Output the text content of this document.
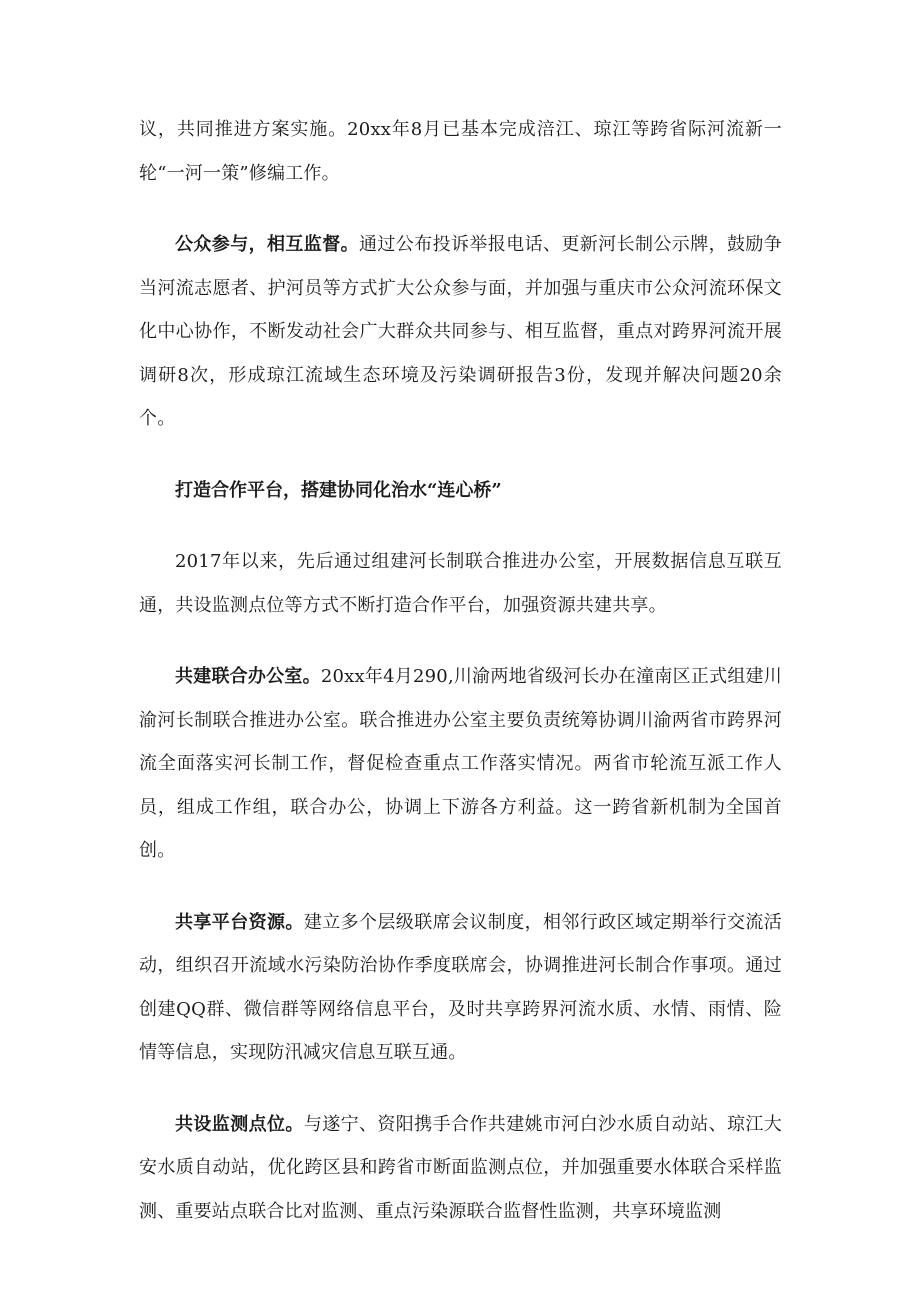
议，共同推进方案实施。20xx年8月已基本完成涪江、琼江等跨省际河流新一轮“一河一策”修编工作。

公众参与，相互监督。通过公布投诉举报电话、更新河长制公示牌，鼓励争当河流志愿者、护河员等方式扩大公众参与面，并加强与重庆市公众河流环保文化中心协作，不断发动社会广大群众共同参与、相互监督，重点对跨界河流开展调研8次，形成琼江流域生态环境及污染调研报告3份，发现并解决问题20余个。

打造合作平台，搭建协同化治水“连心桥”

2017年以来，先后通过组建河长制联合推进办公室，开展数据信息互联互通，共设监测点位等方式不断打造合作平台，加强资源共建共享。

共建联合办公室。20xx年4月290,川渝两地省级河长办在潼南区正式组建川渝河长制联合推进办公室。联合推进办公室主要负责统筹协调川渝两省市跨界河流全面落实河长制工作，督促检查重点工作落实情况。两省市轮流互派工作人员，组成工作组，联合办公，协调上下游各方利益。这一跨省新机制为全国首创。

共享平台资源。建立多个层级联席会议制度，相邻行政区域定期举行交流活动，组织召开流域水污染防治协作季度联席会，协调推进河长制合作事项。通过创建QQ群、微信群等网络信息平台，及时共享跨界河流水质、水情、雨情、险情等信息，实现防汛减灾信息互联互通。

共设监测点位。与遂宁、资阳携手合作共建姚市河白沙水质自动站、琼江大安水质自动站，优化跨区县和跨省市断面监测点位，并加强重要水体联合采样监测、重要站点联合比对监测、重点污染源联合监督性监测，共享环境监测
